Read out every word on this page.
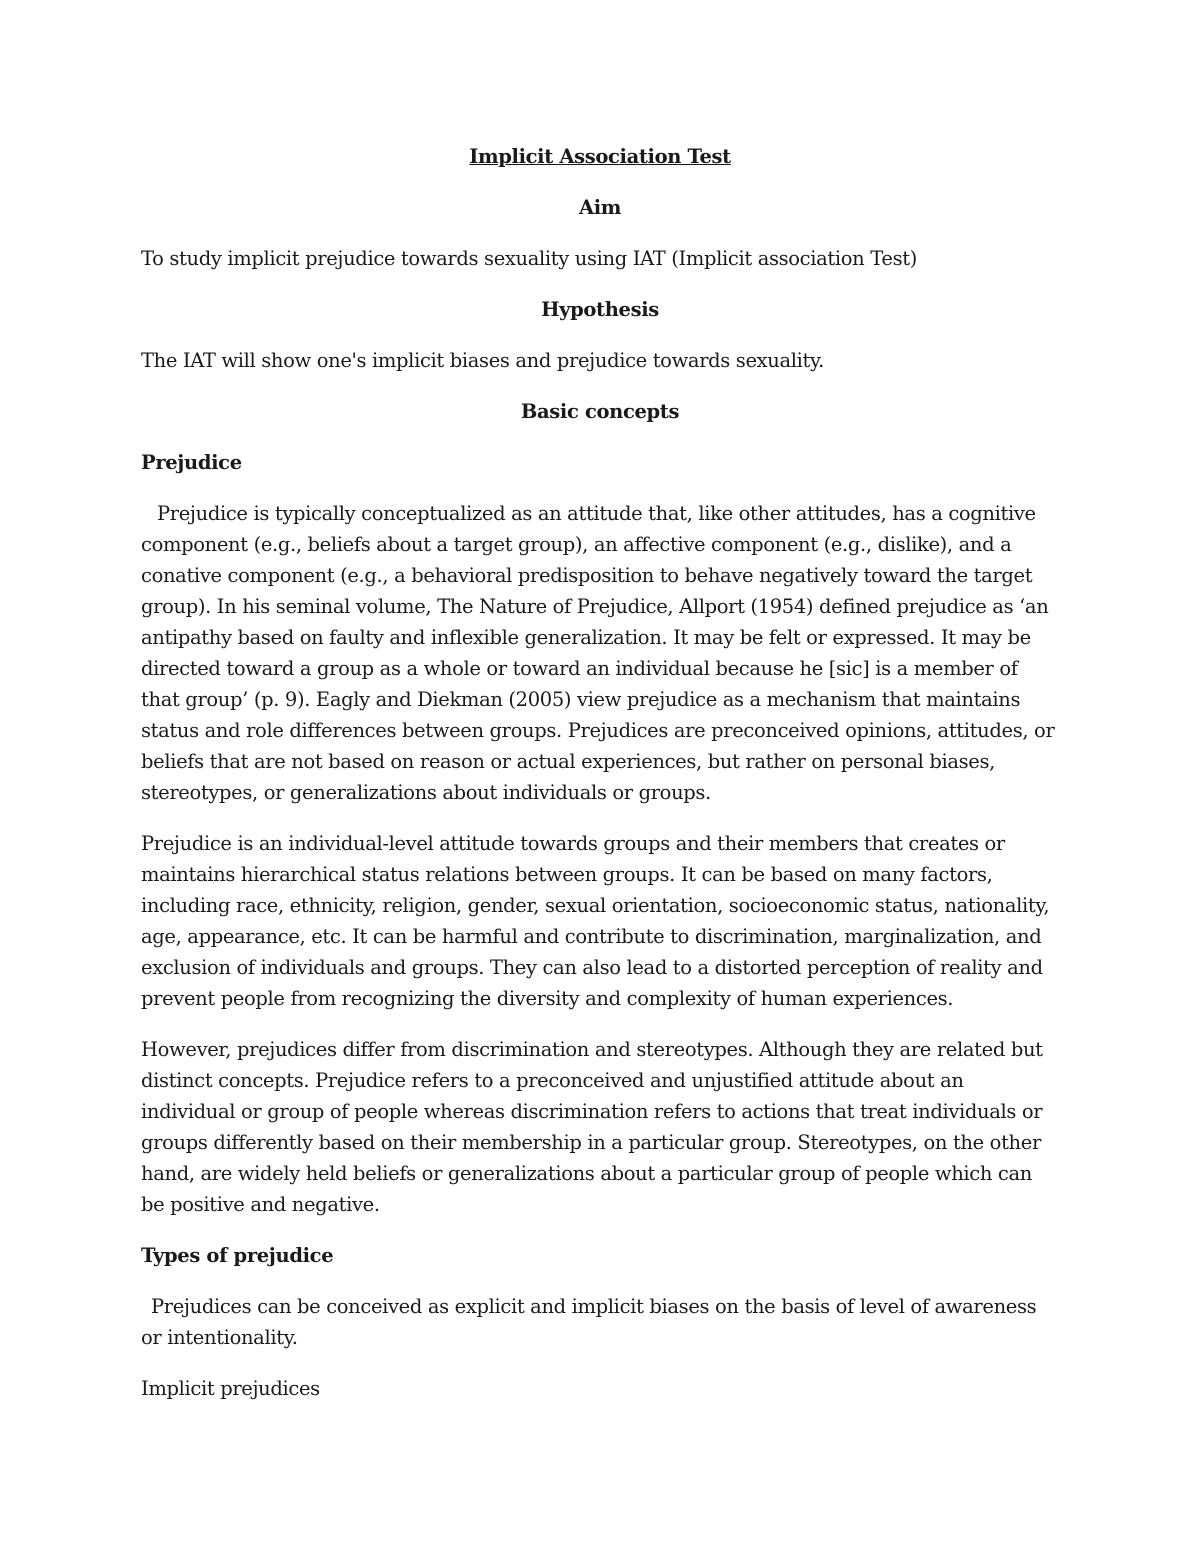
Implicit Association Test

Aim

To study implicit prejudice towards sexuality using IAT (Implicit association Test)

Hypothesis

The IAT will show one's implicit biases and prejudice towards sexuality.

Basic concepts

Prejudice

Prejudice is typically conceptualized as an attitude that, like other attitudes, has a cognitive component (e.g., beliefs about a target group), an affective component (e.g., dislike), and a conative component (e.g., a behavioral predisposition to behave negatively toward the target group). In his seminal volume, The Nature of Prejudice, Allport (1954) defined prejudice as ‘an antipathy based on faulty and inflexible generalization. It may be felt or expressed. It may be directed toward a group as a whole or toward an individual because he [sic] is a member of that group’ (p. 9). Eagly and Diekman (2005) view prejudice as a mechanism that maintains status and role differences between groups. Prejudices are preconceived opinions, attitudes, or beliefs that are not based on reason or actual experiences, but rather on personal biases, stereotypes, or generalizations about individuals or groups.

Prejudice is an individual-level attitude towards groups and their members that creates or maintains hierarchical status relations between groups. It can be based on many factors, including race, ethnicity, religion, gender, sexual orientation, socioeconomic status, nationality, age, appearance, etc. It can be harmful and contribute to discrimination, marginalization, and exclusion of individuals and groups. They can also lead to a distorted perception of reality and prevent people from recognizing the diversity and complexity of human experiences.

However, prejudices differ from discrimination and stereotypes. Although they are related but distinct concepts. Prejudice refers to a preconceived and unjustified attitude about an individual or group of people whereas discrimination refers to actions that treat individuals or groups differently based on their membership in a particular group. Stereotypes, on the other hand, are widely held beliefs or generalizations about a particular group of people which can be positive and negative.

Types of prejudice

Prejudices can be conceived as explicit and implicit biases on the basis of level of awareness or intentionality.

Implicit prejudices
